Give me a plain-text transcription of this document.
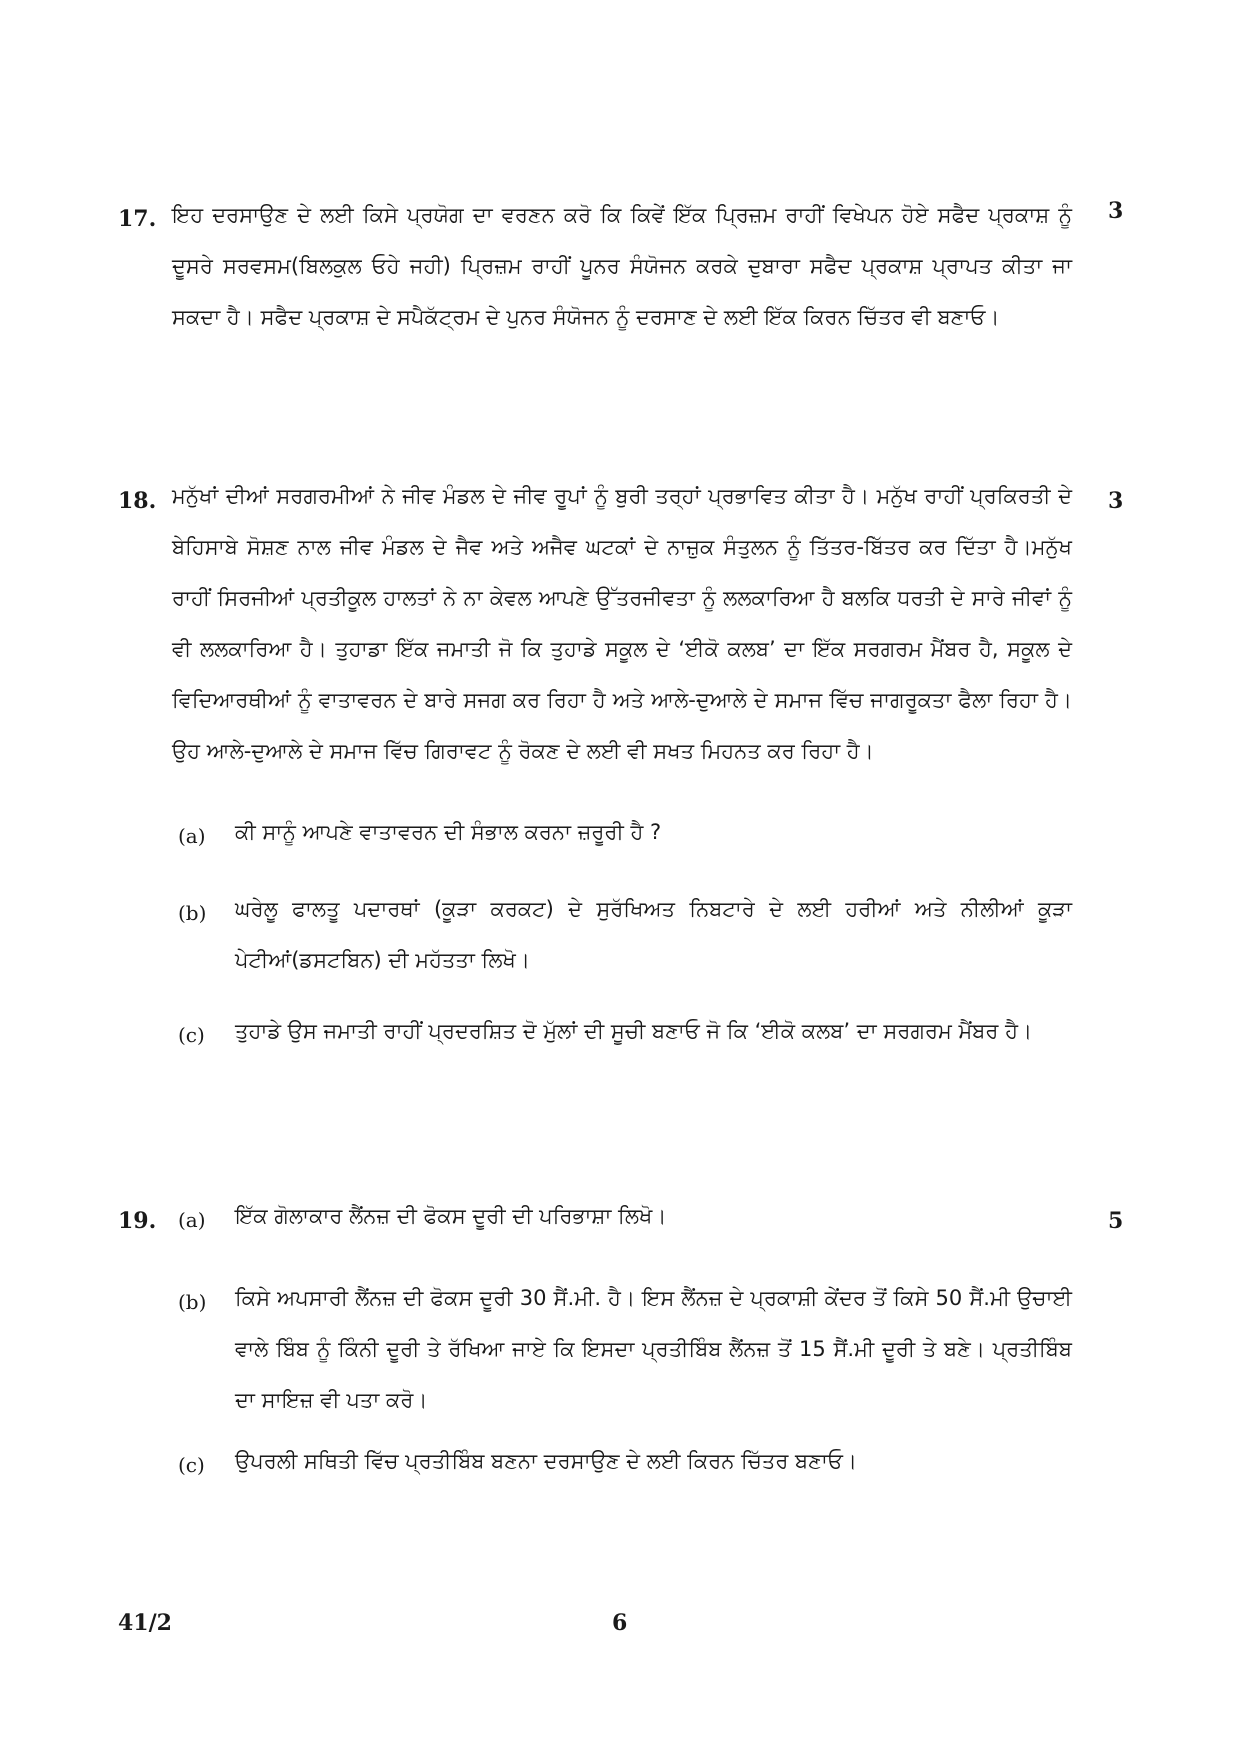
17.	3
ਇਹ ਦਰਸਾਉਣ ਦੇ ਲਈ ਕਿਸੇ ਪ੍ਰਯੋਗ ਦਾ ਵਰਣਨ ਕਰੋ ਕਿ ਕਿਵੇਂ ਇੱਕ ਪ੍ਰਿਜ਼ਮ ਰਾਹੀਂ ਵਿਖੇਪਨ ਹੋਏ ਸਫੈਦ ਪ੍ਰਕਾਸ਼ ਨੂੰ ਦੂਸਰੇ ਸਰਵਸਮ(ਬਿਲਕੁਲ ਓਹੇ ਜਹੀ) ਪ੍ਰਿਜ਼ਮ ਰਾਹੀਂ ਪੂਨਰ ਸੰਯੋਜਨ ਕਰਕੇ ਦੁਬਾਰਾ ਸਫੈਦ ਪ੍ਰਕਾਸ਼ ਪ੍ਰਾਪਤ ਕੀਤਾ ਜਾ ਸਕਦਾ ਹੈ। ਸਫੈਦ ਪ੍ਰਕਾਸ਼ ਦੇ ਸਪੈਕੱਟ੍ਰਮ ਦੇ ਪੁਨਰ ਸੰਯੋਜਨ ਨੂੰ ਦਰਸਾਣ ਦੇ ਲਈ ਇੱਕ ਕਿਰਨ ਚਿੱਤਰ ਵੀ ਬਣਾਓ।
18.	3
ਮਨੁੱਖਾਂ ਦੀਆਂ ਸਰਗਰਮੀਆਂ ਨੇ ਜੀਵ ਮੰਡਲ ਦੇ ਜੀਵ ਰੂਪਾਂ ਨੂੰ ਬੁਰੀ ਤਰ੍ਹਾਂ ਪ੍ਰਭਾਵਿਤ ਕੀਤਾ ਹੈ। ਮਨੁੱਖ ਰਾਹੀਂ ਪ੍ਰਕਿਰਤੀ ਦੇ ਬੇਹਿਸਾਬੇ ਸੋਸ਼ਣ ਨਾਲ ਜੀਵ ਮੰਡਲ ਦੇ ਜੈਵ ਅਤੇ ਅਜੈਵ ਘਟਕਾਂ ਦੇ ਨਾਜ਼ੁਕ ਸੰਤੁਲਨ ਨੂੰ ਤਿੱਤਰ-ਬਿੱਤਰ ਕਰ ਦਿੱਤਾ ਹੈ।ਮਨੁੱਖ ਰਾਹੀਂ ਸਿਰਜੀਆਂ ਪ੍ਰਤੀਕੂਲ ਹਾਲਤਾਂ ਨੇ ਨਾ ਕੇਵਲ ਆਪਣੇ ਉੱਤਰਜੀਵਤਾ ਨੂੰ ਲਲਕਾਰਿਆ ਹੈ ਬਲਕਿ ਧਰਤੀ ਦੇ ਸਾਰੇ ਜੀਵਾਂ ਨੂੰ ਵੀ ਲਲਕਾਰਿਆ ਹੈ। ਤੁਹਾਡਾ ਇੱਕ ਜਮਾਤੀ ਜੋ ਕਿ ਤੁਹਾਡੇ ਸਕੂਲ ਦੇ ‘ਈਕੋ ਕਲਬ’ ਦਾ ਇੱਕ ਸਰਗਰਮ ਮੈਂਬਰ ਹੈ, ਸਕੂਲ ਦੇ ਵਿਦਿਆਰਥੀਆਂ ਨੂੰ ਵਾਤਾਵਰਨ ਦੇ ਬਾਰੇ ਸਜਗ ਕਰ ਰਿਹਾ ਹੈ ਅਤੇ ਆਲੇ-ਦੁਆਲੇ ਦੇ ਸਮਾਜ ਵਿੱਚ ਜਾਗਰੂਕਤਾ ਫੈਲਾ ਰਿਹਾ ਹੈ।ਉਹ ਆਲੇ-ਦੁਆਲੇ ਦੇ ਸਮਾਜ ਵਿੱਚ ਗਿਰਾਵਟ ਨੂੰ ਰੋਕਣ ਦੇ ਲਈ ਵੀ ਸਖਤ ਮਿਹਨਤ ਕਰ ਰਿਹਾ ਹੈ।
(a) ਕੀ ਸਾਨੂੰ ਆਪਣੇ ਵਾਤਾਵਰਨ ਦੀ ਸੰਭਾਲ ਕਰਨਾ ਜ਼ਰੂਰੀ ਹੈ ?
(b) ਘਰੇਲੂ ਫਾਲਤੂ ਪਦਾਰਥਾਂ (ਕੂੜਾ ਕਰਕਟ) ਦੇ ਸੁਰੱਖਿਅਤ ਨਿਬਟਾਰੇ ਦੇ ਲਈ ਹਰੀਆਂ ਅਤੇ ਨੀਲੀਆਂ ਕੂੜਾ ਪੇਟੀਆਂ(ਡਸਟਬਿਨ) ਦੀ ਮਹੱਤਤਾ ਲਿਖੋ।
(c) ਤੁਹਾਡੇ ਉਸ ਜਮਾਤੀ ਰਾਹੀਂ ਪ੍ਰਦਰਸ਼ਿਤ ਦੋ ਮੁੱਲਾਂ ਦੀ ਸੂਚੀ ਬਣਾਓ ਜੋ ਕਿ ‘ਈਕੋ ਕਲਬ’ ਦਾ ਸਰਗਰਮ ਮੈਂਬਰ ਹੈ।
19.	5
(a) ਇੱਕ ਗੋਲਾਕਾਰ ਲੈਂਨਜ਼ ਦੀ ਫੋਕਸ ਦੂਰੀ ਦੀ ਪਰਿਭਾਸ਼ਾ ਲਿਖੋ।
(b) ਕਿਸੇ ਅਪਸਾਰੀ ਲੈਂਨਜ਼ ਦੀ ਫੋਕਸ ਦੂਰੀ 30 ਸੈਂ.ਮੀ. ਹੈ। ਇਸ ਲੈਂਨਜ਼ ਦੇ ਪ੍ਰਕਾਸ਼ੀ ਕੇਂਦਰ ਤੋਂ ਕਿਸੇ 50 ਸੈਂ.ਮੀ ਉਚਾਈ ਵਾਲੇ ਬਿੰਬ ਨੂੰ ਕਿੰਨੀ ਦੂਰੀ ਤੇ ਰੱਖਿਆ ਜਾਏ ਕਿ ਇਸਦਾ ਪ੍ਰਤੀਬਿੰਬ ਲੈਂਨਜ਼ ਤੋਂ 15 ਸੈਂ.ਮੀ ਦੂਰੀ ਤੇ ਬਣੇ। ਪ੍ਰਤੀਬਿੰਬ ਦਾ ਸਾਇਜ਼ ਵੀ ਪਤਾ ਕਰੋ।
(c) ਉਪਰਲੀ ਸਥਿਤੀ ਵਿੱਚ ਪ੍ਰਤੀਬਿੰਬ ਬਣਨਾ ਦਰਸਾਉਣ ਦੇ ਲਈ ਕਿਰਨ ਚਿੱਤਰ ਬਣਾਓ।
41/2	6
